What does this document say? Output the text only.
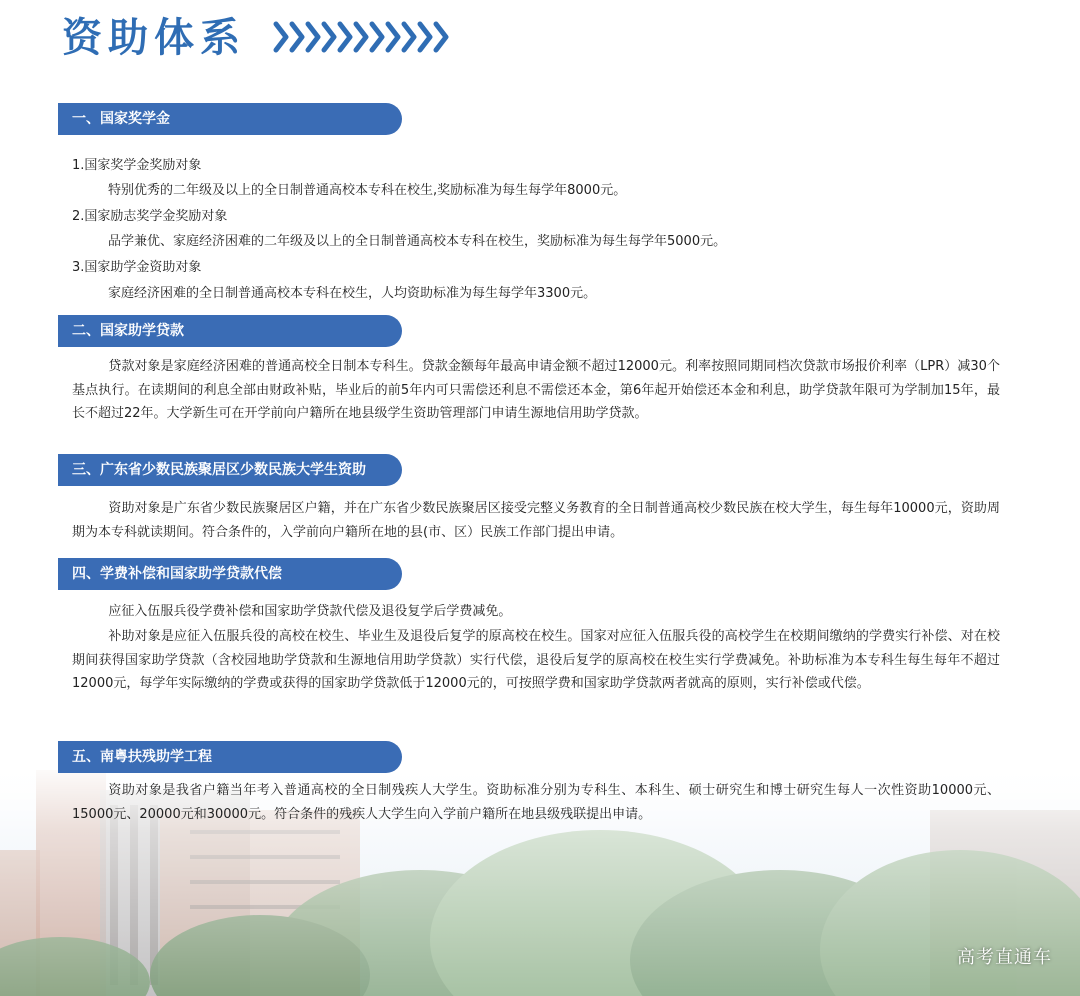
资助体系
一、国家奖学金
1.国家奖学金奖励对象
特别优秀的二年级及以上的全日制普通高校本专科在校生,奖励标准为每生每学年8000元。
2.国家励志奖学金奖励对象
品学兼优、家庭经济困难的二年级及以上的全日制普通高校本专科在校生，奖励标准为每生每学年5000元。
3.国家助学金资助对象
家庭经济困难的全日制普通高校本专科在校生，人均资助标准为每生每学年3300元。
二、国家助学贷款

贷款对象是家庭经济困难的普通高校全日制本专科生。贷款金额每年最高申请金额不超过12000元。利率按照同期同档次贷款市场报价利率（LPR）减30个基点执行。在读期间的利息全部由财政补贴，毕业后的前5年内可只需偿还利息不需偿还本金，第6年起开始偿还本金和利息，助学贷款年限可为学制加15年，最长不超过22年。大学新生可在开学前向户籍所在地县级学生资助管理部门申请生源地信用助学贷款。

三、广东省少数民族聚居区少数民族大学生资助

资助对象是广东省少数民族聚居区户籍，并在广东省少数民族聚居区接受完整义务教育的全日制普通高校少数民族在校大学生，每生每年10000元，资助周期为本专科就读期间。符合条件的，入学前向户籍所在地的县(市、区）民族工作部门提出申请。

四、学费补偿和国家助学贷款代偿

应征入伍服兵役学费补偿和国家助学贷款代偿及退役复学后学费减免。

补助对象是应征入伍服兵役的高校在校生、毕业生及退役后复学的原高校在校生。国家对应征入伍服兵役的高校学生在校期间缴纳的学费实行补偿、对在校期间获得国家助学贷款（含校园地助学贷款和生源地信用助学贷款）实行代偿，退役后复学的原高校在校生实行学费减免。补助标准为本专科生每生每年不超过12000元，每学年实际缴纳的学费或获得的国家助学贷款低于12000元的，可按照学费和国家助学贷款两者就高的原则，实行补偿或代偿。

五、南粤扶残助学工程

资助对象是我省户籍当年考入普通高校的全日制残疾人大学生。资助标准分别为专科生、本科生、硕士研究生和博士研究生每人一次性资助10000元、15000元、20000元和30000元。符合条件的残疾人大学生向入学前户籍所在地县级残联提出申请。

高考直通车
